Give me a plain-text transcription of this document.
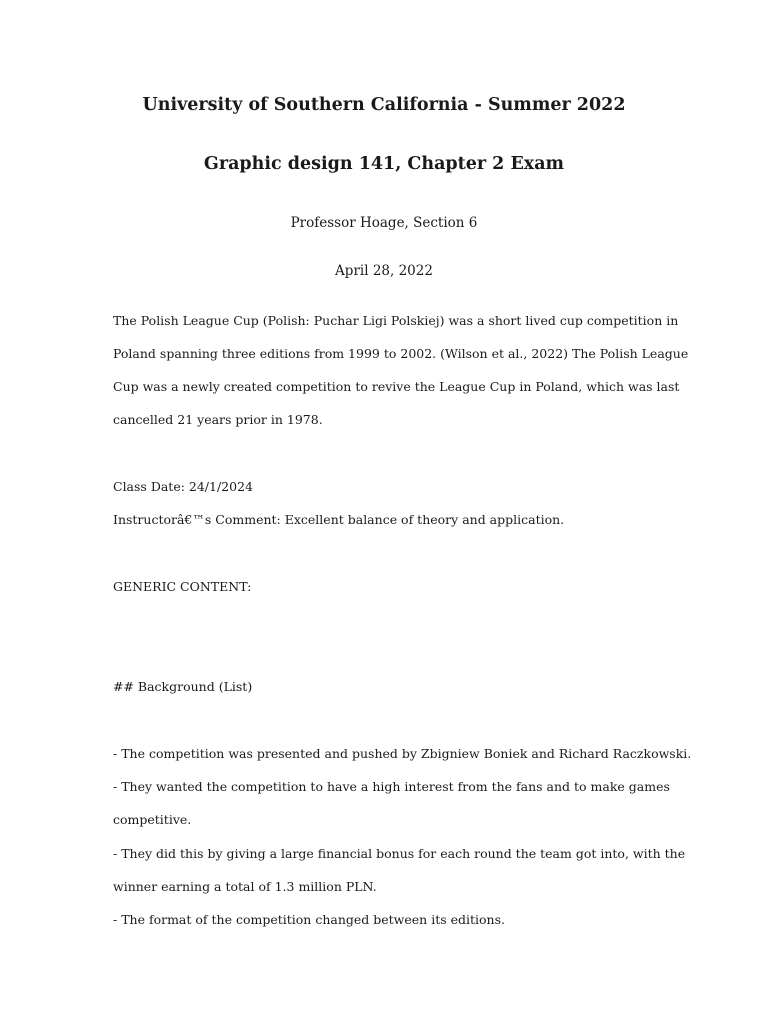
University of Southern California - Summer 2022
Graphic design 141, Chapter 2 Exam
Professor Hoage, Section 6
April 28, 2022
The Polish League Cup (Polish: Puchar Ligi Polskiej) was a short lived cup competition in
Poland spanning three editions from 1999 to 2002. (Wilson et al., 2022) The Polish League
Cup was a newly created competition to revive the League Cup in Poland, which was last
cancelled 21 years prior in 1978.
Class Date: 24/1/2024
Instructorâ€™s Comment: Excellent balance of theory and application.
GENERIC CONTENT:
## Background (List)
- The competition was presented and pushed by Zbigniew Boniek and Richard Raczkowski.
- They wanted the competition to have a high interest from the fans and to make games
competitive.
- They did this by giving a large financial bonus for each round the team got into, with the
winner earning a total of 1.3 million PLN.
- The format of the competition changed between its editions.
